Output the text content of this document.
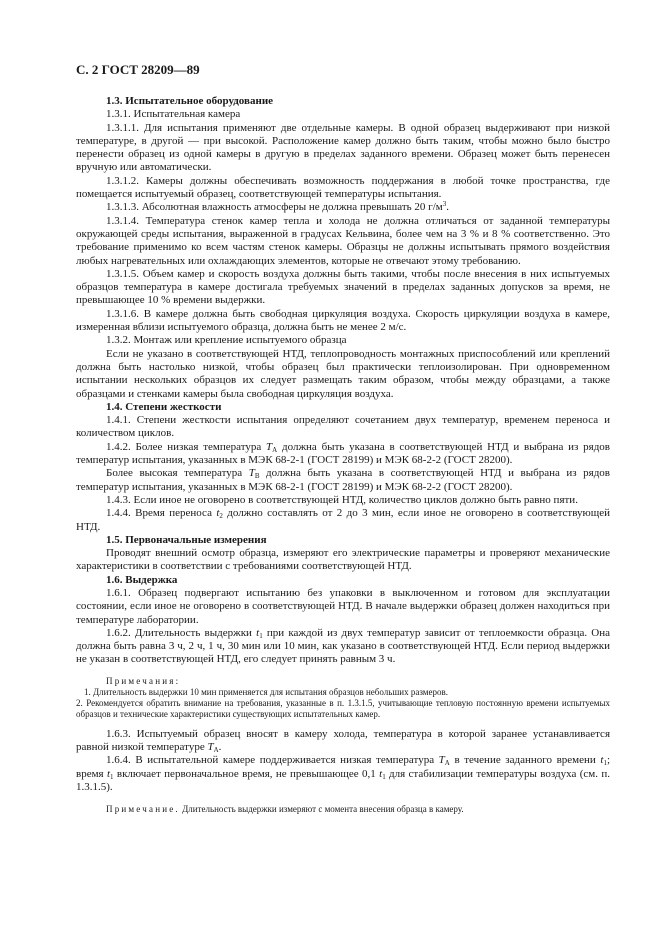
С. 2 ГОСТ 28209—89

1.3. Испытательное оборудование

1.3.1. Испытательная камера

1.3.1.1. Для испытания применяют две отдельные камеры. В одной образец выдерживают при низкой температуре, в другой — при высокой. Расположение камер должно быть таким, чтобы можно было быстро перенести образец из одной камеры в другую в пределах заданного времени. Образец может быть перенесен вручную или автоматически.

1.3.1.2. Камеры должны обеспечивать возможность поддержания в любой точке пространства, где помещается испытуемый образец, соответствующей температуры испытания.

1.3.1.3. Абсолютная влажность атмосферы не должна превышать 20 $г/м^3$.

1.3.1.4. Температура стенок камер тепла и холода не должна отличаться от заданной температуры окружающей среды испытания, выраженной в градусах Кельвина, более чем на 3 % и 8 % соответственно. Это требование применимо ко всем частям стенок камеры. Образцы не должны испытывать прямого воздействия любых нагревательных или охлаждающих элементов, которые не отвечают этому требованию.

1.3.1.5. Объем камер и скорость воздуха должны быть такими, чтобы после внесения в них испытуемых образцов температура в камере достигала требуемых значений в пределах заданных допусков за время, не превышающее 10 % времени выдержки.

1.3.1.6. В камере должна быть свободная циркуляция воздуха. Скорость циркуляции воздуха в камере, измеренная вблизи испытуемого образца, должна быть не менее 2 м/с.

1.3.2. Монтаж или крепление испытуемого образца

Если не указано в соответствующей НТД, теплопроводность монтажных приспособлений или креплений должна быть настолько низкой, чтобы образец был практически теплоизолирован. При одновременном испытании нескольких образцов их следует размещать таким образом, чтобы между образцами, а также образцами и стенками камеры была свободная циркуляция воздуха.

1.4. Степени жесткости

1.4.1. Степени жесткости испытания определяют сочетанием двух температур, временем переноса и количеством циклов.

1.4.2. Более низкая температура $T_A$ должна быть указана в соответствующей НТД и выбрана из рядов температур испытания, указанных в МЭК 68-2-1 (ГОСТ 28199) и МЭК 68-2-2 (ГОСТ 28200).

Более высокая температура $T_B$ должна быть указана в соответствующей НТД и выбрана из рядов температур испытания, указанных в МЭК 68-2-1 (ГОСТ 28199) и МЭК 68-2-2 (ГОСТ 28200).

1.4.3. Если иное не оговорено в соответствующей НТД, количество циклов должно быть равно пяти.

1.4.4. Время переноса $t_2$ должно составлять от 2 до 3 мин, если иное не оговорено в соответствующей НТД.

1.5. Первоначальные измерения

Проводят внешний осмотр образца, измеряют его электрические параметры и проверяют механические характеристики в соответствии с требованиями соответствующей НТД.

1.6. Выдержка

1.6.1. Образец подвергают испытанию без упаковки в выключенном и готовом для эксплуатации состоянии, если иное не оговорено в соответствующей НТД. В начале выдержки образец должен находиться при температуре лаборатории.

1.6.2. Длительность выдержки $t_1$ при каждой из двух температур зависит от теплоемкости образца. Она должна быть равна 3 ч, 2 ч, 1 ч, 30 мин или 10 мин, как указано в соответствующей НТД. Если период выдержки не указан в соответствующей НТД, его следует принять равным 3 ч.

Примечания:

1. Длительность выдержки 10 мин применяется для испытания образцов небольших размеров.

2. Рекомендуется обратить внимание на требования, указанные в п. 1.3.1.5, учитывающие тепловую постоянную времени испытуемых образцов и технические характеристики существующих испытательных камер.

1.6.3. Испытуемый образец вносят в камеру холода, температура в которой заранее устанавливается равной низкой температуре $T_A$.

1.6.4. В испытательной камере поддерживается низкая температура $T_A$ в течение заданного времени $t_1$; время $t_1$ включает первоначальное время, не превышающее 0,1 $t_1$ для стабилизации температуры воздуха (см. п. 1.3.1.5).

Примечание. Длительность выдержки измеряют с момента внесения образца в камеру.
